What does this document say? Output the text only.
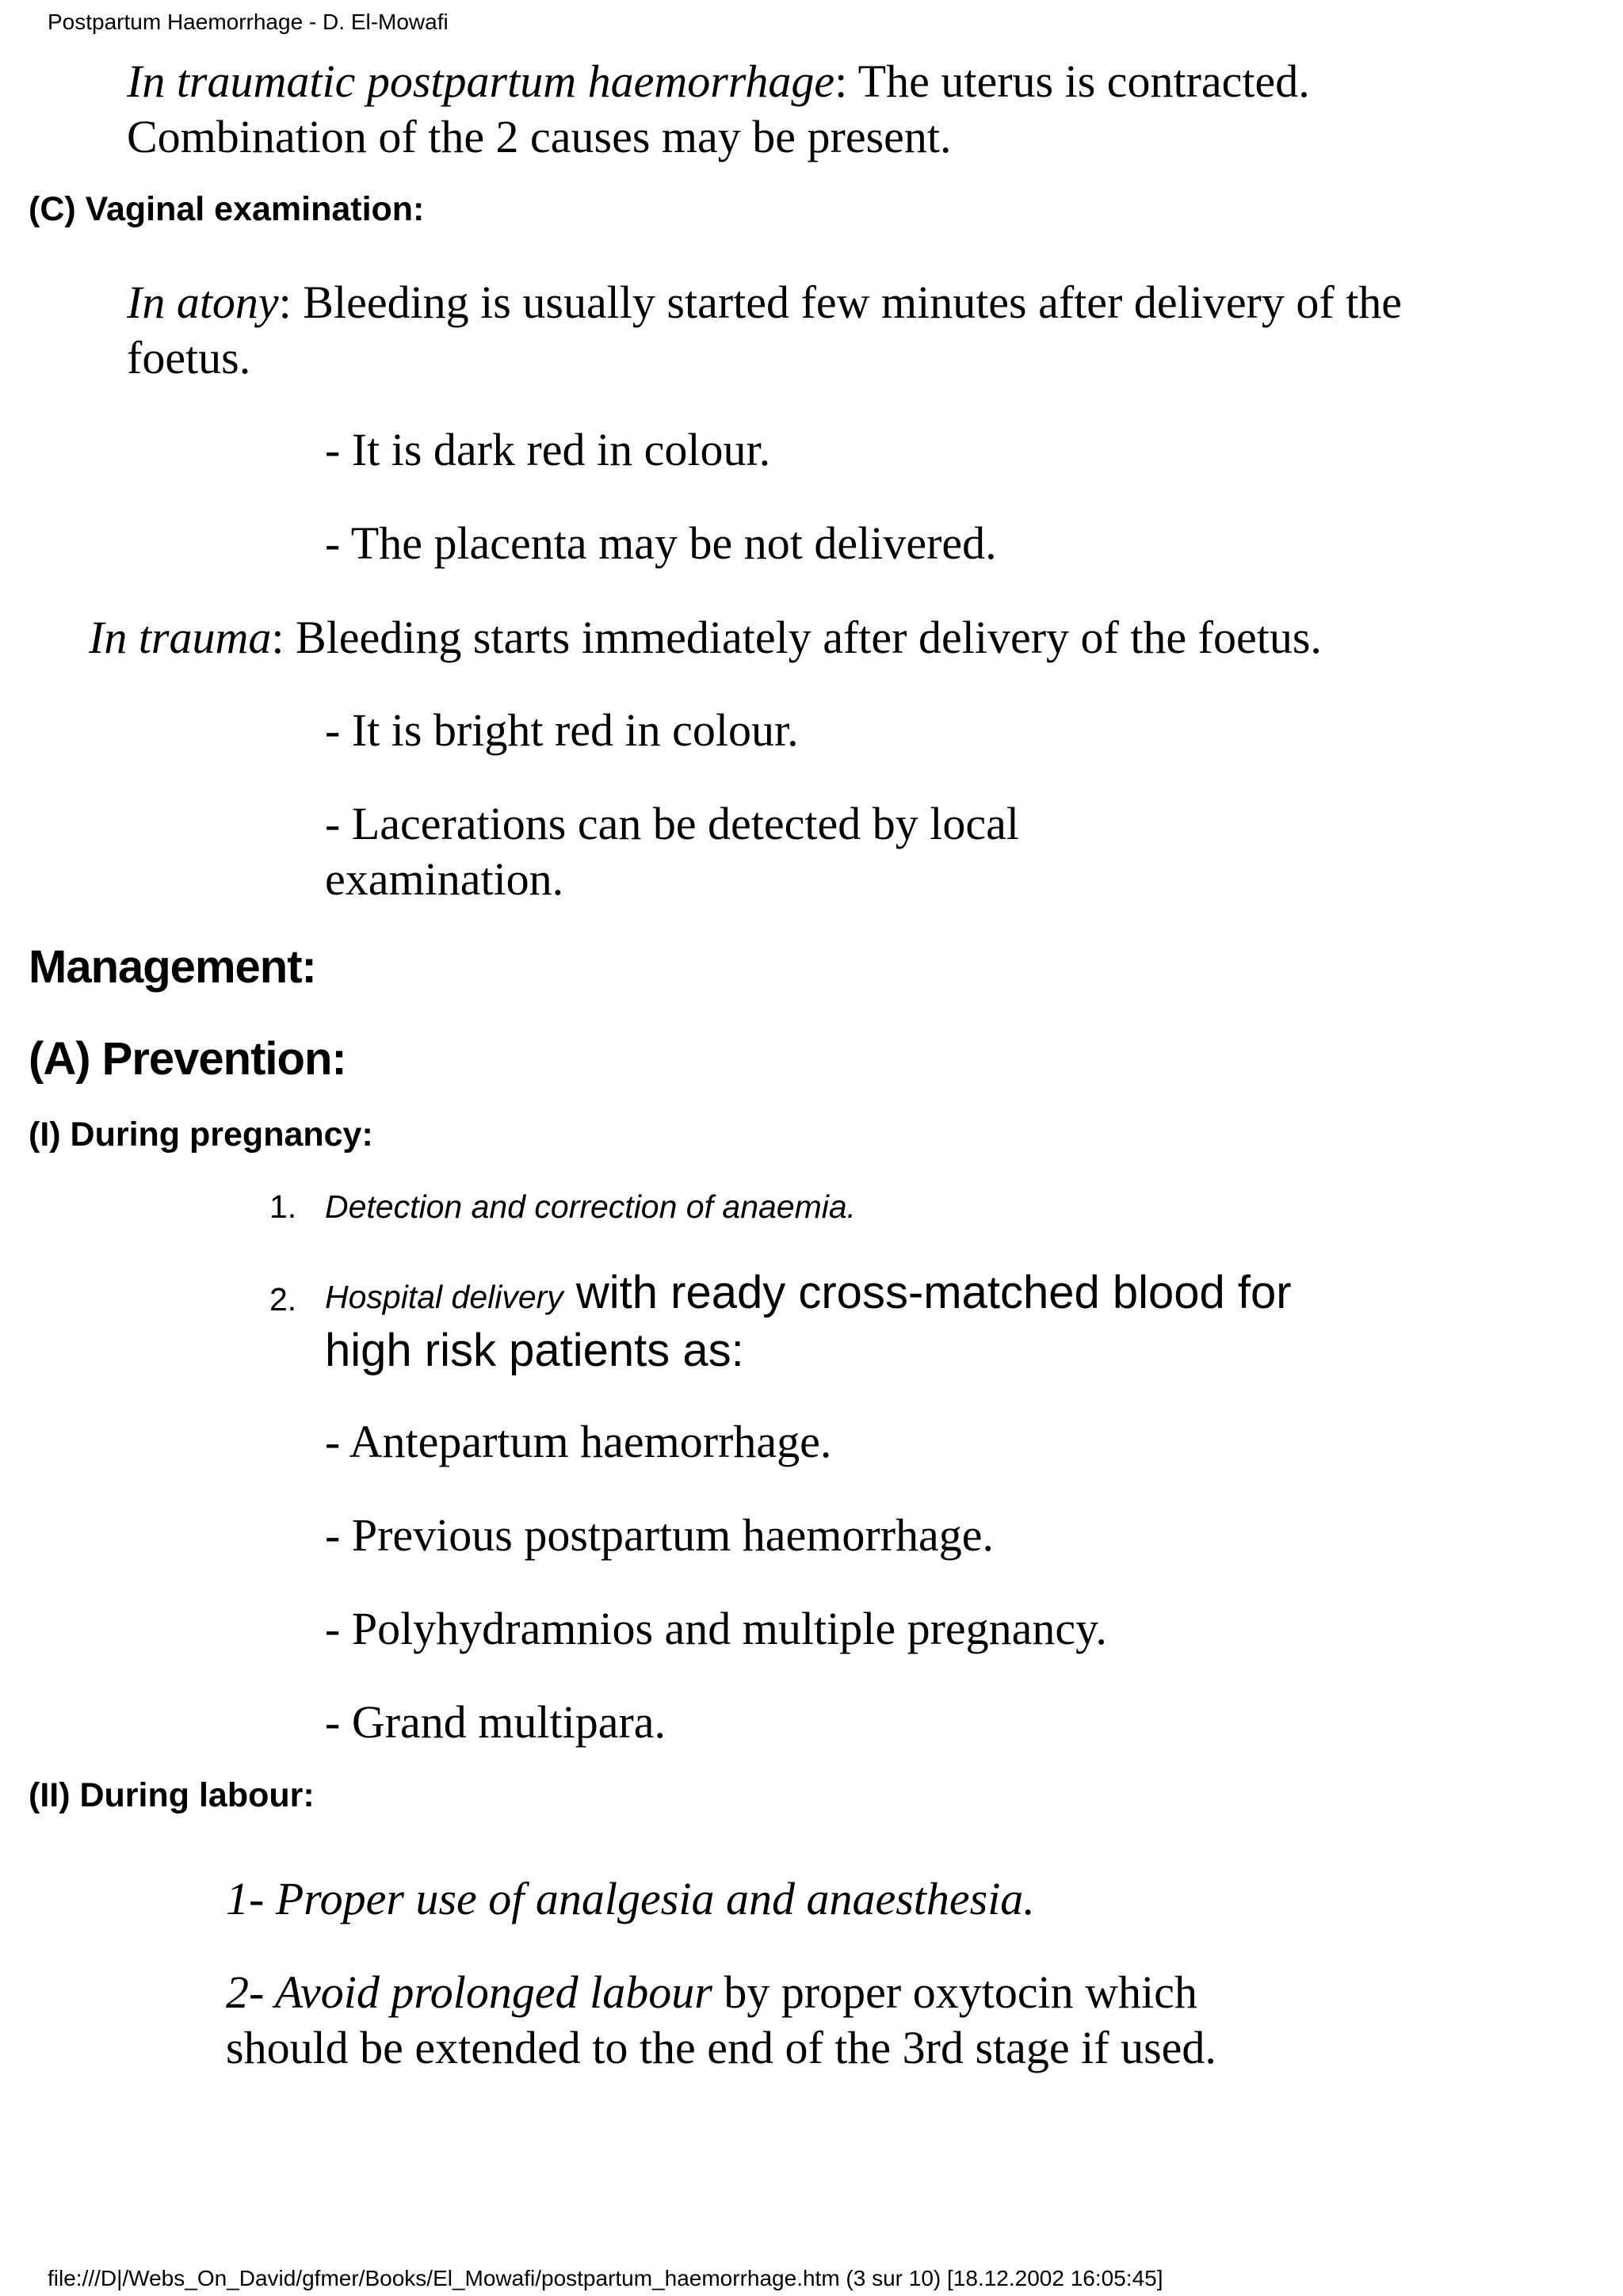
Postpartum Haemorrhage - D. El-Mowafi

In traumatic postpartum haemorrhage: The uterus is contracted.
Combination of the 2 causes may be present.

(C) Vaginal examination:

In atony: Bleeding is usually started few minutes after delivery of the
foetus.

- It is dark red in colour.

- The placenta may be not delivered.

In trauma: Bleeding starts immediately after delivery of the foetus.

- It is bright red in colour.

- Lacerations can be detected by local
examination.

Management:
(A) Prevention:
(I) During pregnancy:
1. Detection and correction of anaemia.

2. Hospital delivery with ready cross-matched blood for
high risk patients as:

- Antepartum haemorrhage.

- Previous postpartum haemorrhage.

- Polyhydramnios and multiple pregnancy.

- Grand multipara.

(II) During labour:

1- Proper use of analgesia and anaesthesia.

2- Avoid prolonged labour by proper oxytocin which
should be extended to the end of the 3rd stage if used.

file:///D|/Webs_On_David/gfmer/Books/El_Mowafi/postpartum_haemorrhage.htm (3 sur 10) [18.12.2002 16:05:45]
